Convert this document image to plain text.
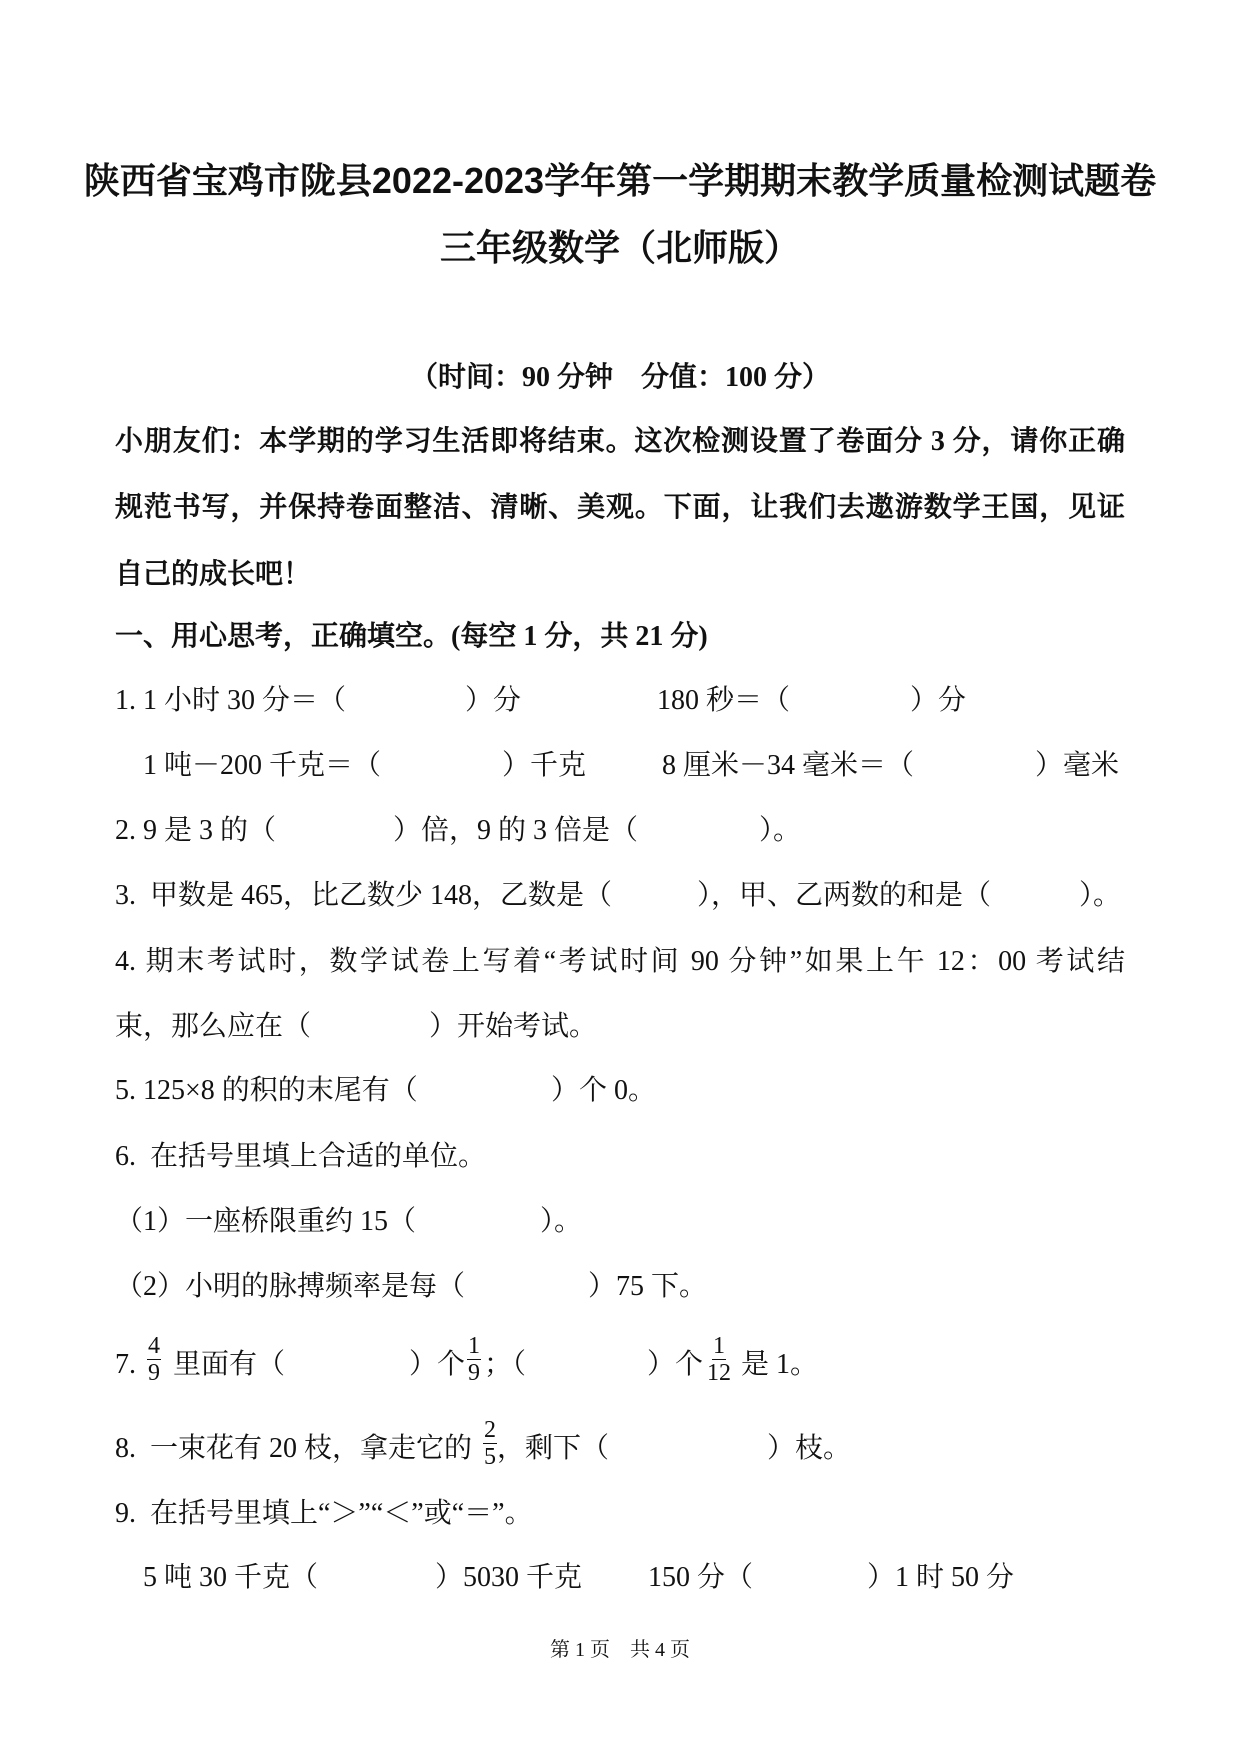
陕西省宝鸡市陇县2022-2023学年第一学期期末教学质量检测试题卷
三年级数学（北师版）
（时间：90 分钟　分值：100 分）
小朋友们：本学期的学习生活即将结束。这次检测设置了卷面分 3 分，请你正确
规范书写，并保持卷面整洁、清晰、美观。下面，让我们去遨游数学王国，见证
自己的成长吧！
一、用心思考，正确填空。(每空 1 分，共 21 分)
1. 1 小时 30 分＝（	）分	180 秒＝（	）分
1 吨－200 千克＝（	）千克	8 厘米－34 毫米＝（	）毫米
2. 9 是 3 的（	）倍，9 的 3 倍是（	）。
3.  甲数是 465，比乙数少 148，乙数是（	），甲、乙两数的和是（	）。
4. 期末考试时，数学试卷上写着“考试时间 90 分钟”如果上午 12：00 考试结
束，那么应在（	）开始考试。
5. 125×8 的积的末尾有（	）个 0。
6.  在括号里填上合适的单位。
（1）一座桥限重约 15（	）。
（2）小明的脉搏频率是每（	）75 下。
7. $\frac{4}{9}$ 里面有（	）个 $\frac{1}{9}$ ；（	）个 $\frac{1}{12}$ 是 1。
8.  一束花有 20 枝，拿走它的 $\frac{2}{5}$ ，剩下（	）枝。
9.  在括号里填上“＞”“＜”或“＝”。
5 吨 30 千克（	）5030 千克 150 分（	）1 时 50 分
第 1 页　共 4 页
